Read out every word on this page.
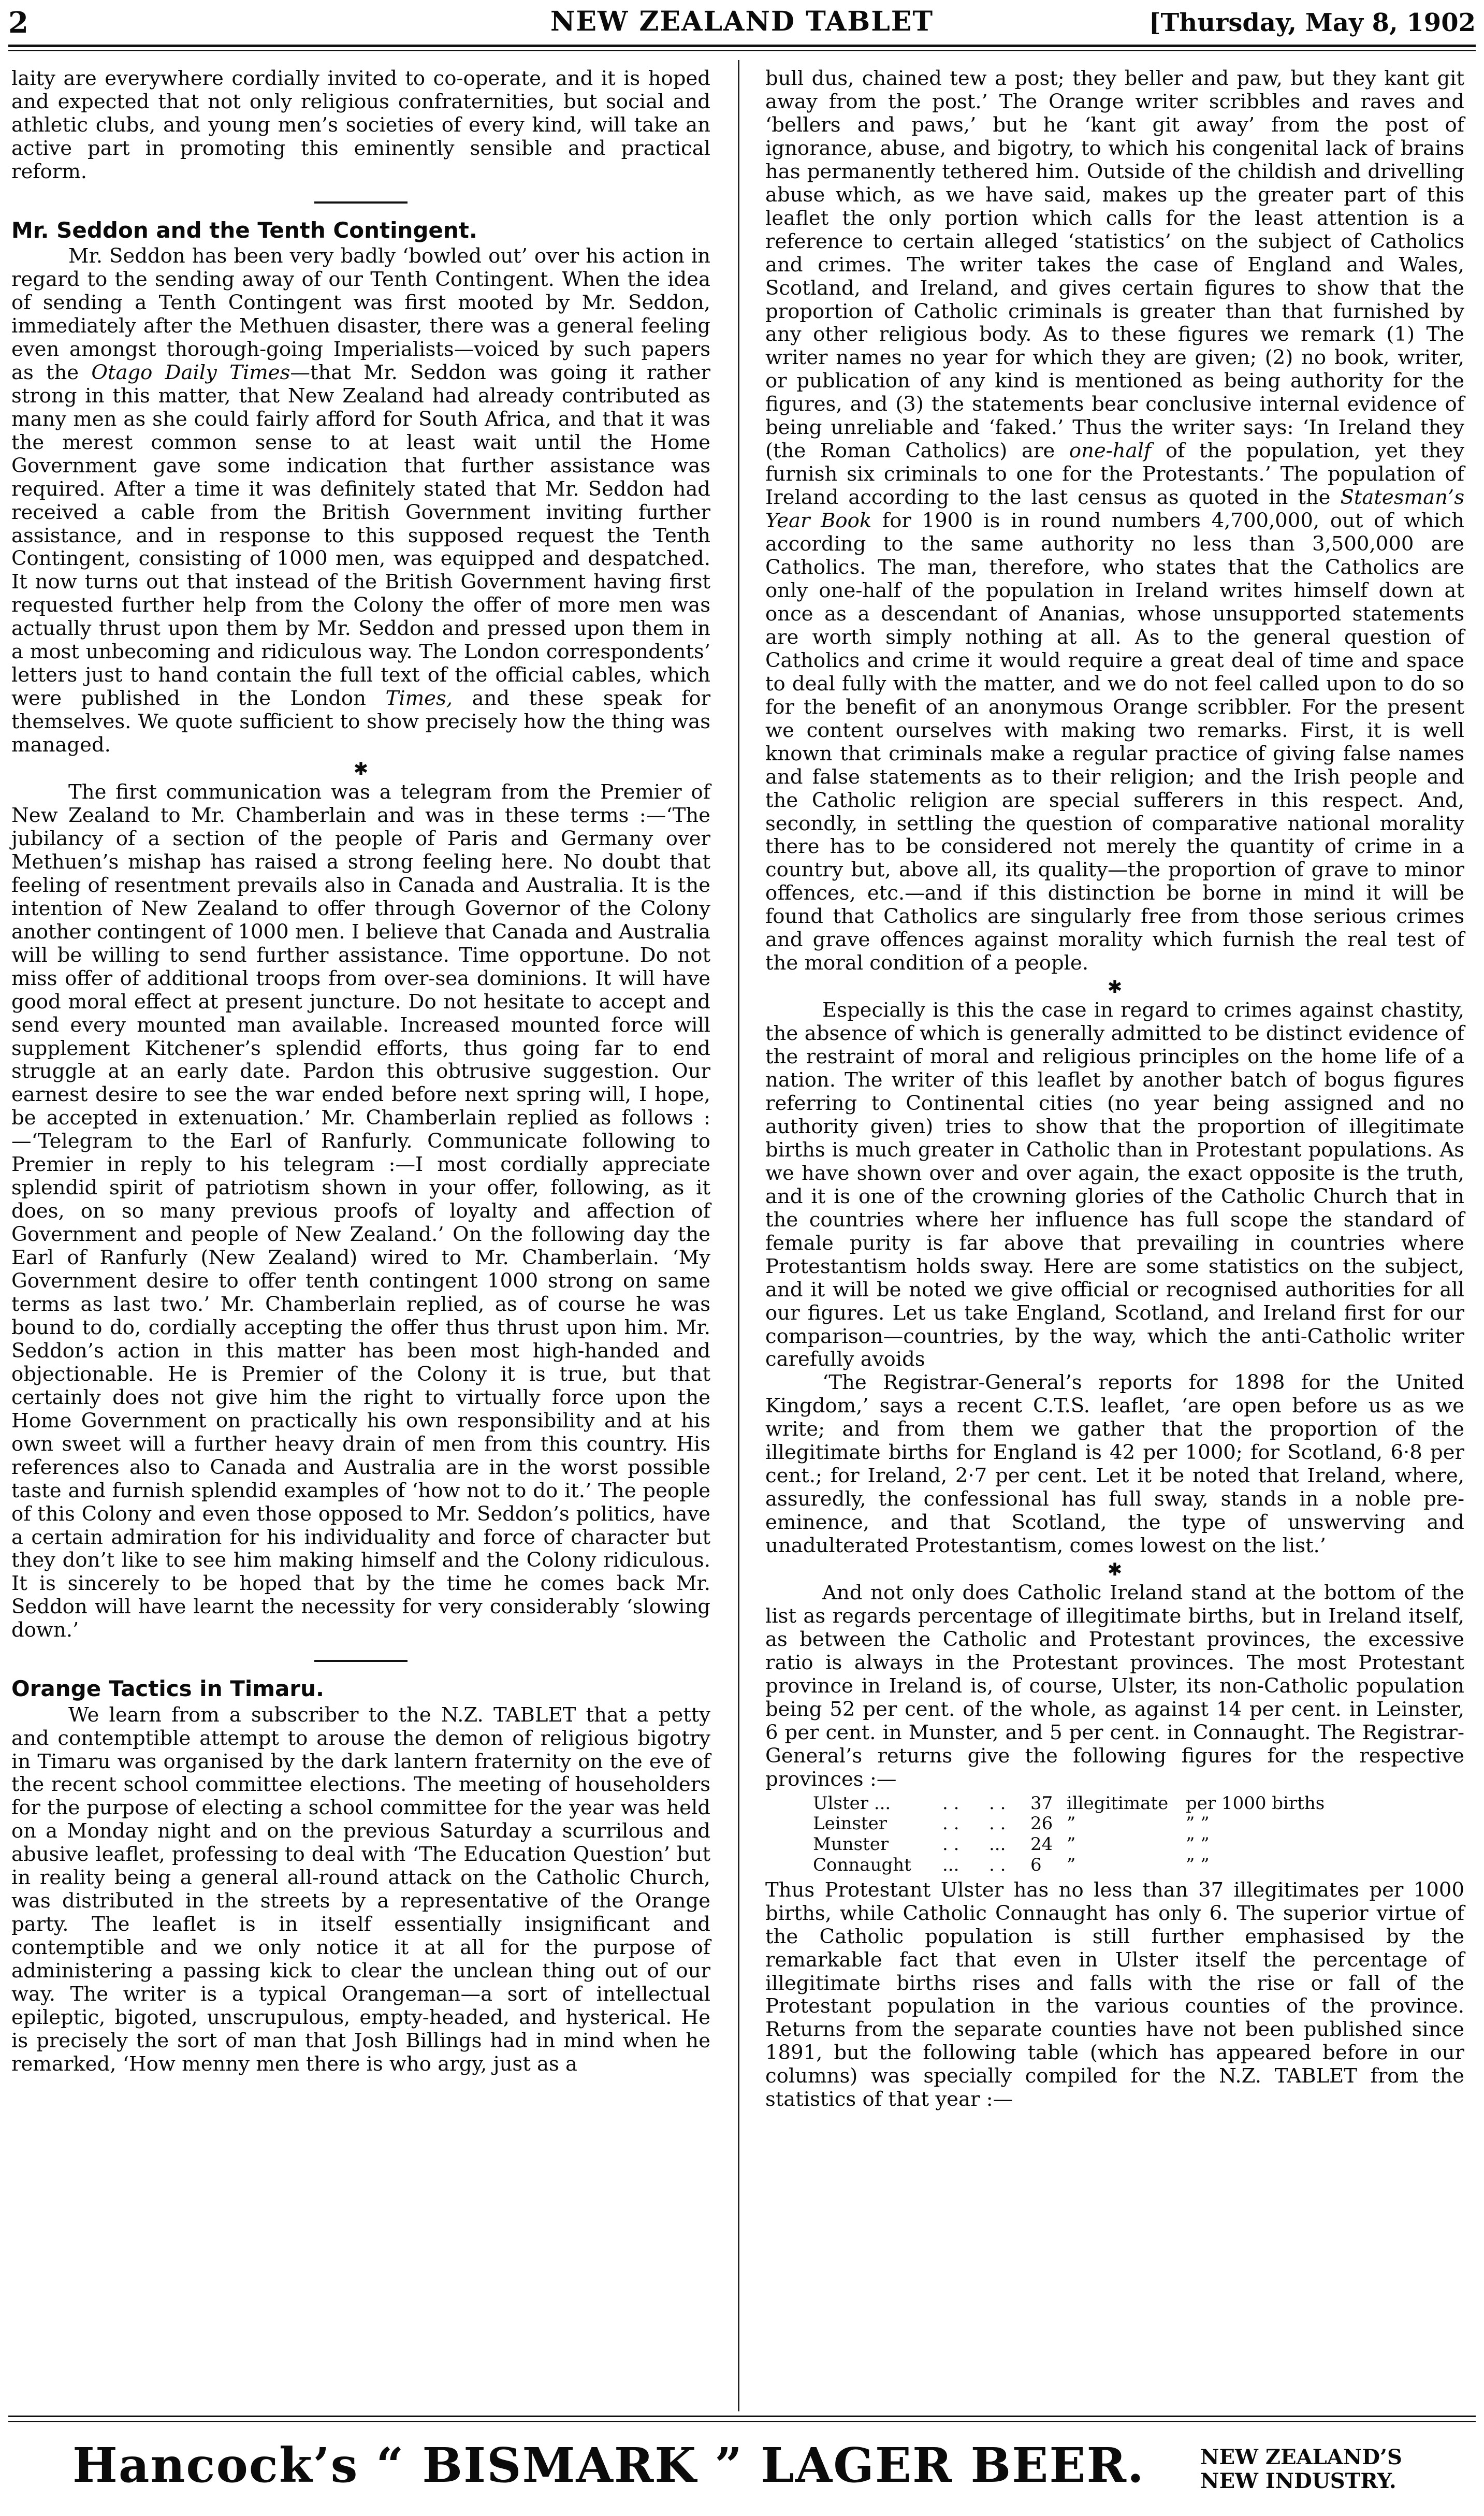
2	NEW ZEALAND TABLET	[Thursday, May 8, 1902

laity are everywhere cordially invited to co-operate, and it is hoped and expected that not only religious confraternities, but social and athletic clubs, and young men’s societies of every kind, will take an active part in promoting this eminently sensible and practical reform.

Mr. Seddon and the Tenth Contingent.

Mr. Seddon has been very badly ‘bowled out’ over his action in regard to the sending away of our Tenth Contingent. When the idea of sending a Tenth Contingent was first mooted by Mr. Seddon, immediately after the Methuen disaster, there was a general feeling even amongst thorough-going Imperialists—voiced by such papers as the Otago Daily Times—that Mr. Seddon was going it rather strong in this matter, that New Zealand had already contributed as many men as she could fairly afford for South Africa, and that it was the merest common sense to at least wait until the Home Government gave some indication that further assistance was required. After a time it was definitely stated that Mr. Seddon had received a cable from the British Government inviting further assistance, and in response to this supposed request the Tenth Contingent, consisting of 1000 men, was equipped and despatched. It now turns out that instead of the British Government having first requested further help from the Colony the offer of more men was actually thrust upon them by Mr. Seddon and pressed upon them in a most unbecoming and ridiculous way. The London correspondents’ letters just to hand contain the full text of the official cables, which were published in the London Times, and these speak for themselves. We quote sufficient to show precisely how the thing was managed.

✱

The first communication was a telegram from the Premier of New Zealand to Mr. Chamberlain and was in these terms :—‘The jubilancy of a section of the people of Paris and Germany over Methuen’s mishap has raised a strong feeling here. No doubt that feeling of resentment prevails also in Canada and Australia. It is the intention of New Zealand to offer through Governor of the Colony another contingent of 1000 men. I believe that Canada and Australia will be willing to send further assistance. Time opportune. Do not miss offer of additional troops from over-sea dominions. It will have good moral effect at present juncture. Do not hesitate to accept and send every mounted man available. Increased mounted force will supplement Kitchener’s splendid efforts, thus going far to end struggle at an early date. Pardon this obtrusive suggestion. Our earnest desire to see the war ended before next spring will, I hope, be accepted in extenuation.’ Mr. Chamberlain replied as follows :—‘Telegram to the Earl of Ranfurly. Communicate following to Premier in reply to his telegram :—I most cordially appreciate splendid spirit of patriotism shown in your offer, following, as it does, on so many previous proofs of loyalty and affection of Government and people of New Zealand.’ On the following day the Earl of Ranfurly (New Zealand) wired to Mr. Chamberlain. ‘My Government desire to offer tenth contingent 1000 strong on same terms as last two.’ Mr. Chamberlain replied, as of course he was bound to do, cordially accepting the offer thus thrust upon him. Mr. Seddon’s action in this matter has been most high-handed and objectionable. He is Premier of the Colony it is true, but that certainly does not give him the right to virtually force upon the Home Government on practically his own responsibility and at his own sweet will a further heavy drain of men from this country. His references also to Canada and Australia are in the worst possible taste and furnish splendid examples of ‘how not to do it.’ The people of this Colony and even those opposed to Mr. Seddon’s politics, have a certain admiration for his individuality and force of character but they don’t like to see him making himself and the Colony ridiculous. It is sincerely to be hoped that by the time he comes back Mr. Seddon will have learnt the necessity for very considerably ‘slowing down.’

Orange Tactics in Timaru.

We learn from a subscriber to the N.Z. TABLET that a petty and contemptible attempt to arouse the demon of religious bigotry in Timaru was organised by the dark lantern fraternity on the eve of the recent school committee elections. The meeting of householders for the purpose of electing a school committee for the year was held on a Monday night and on the previous Saturday a scurrilous and abusive leaflet, professing to deal with ‘The Education Question’ but in reality being a general all-round attack on the Catholic Church, was distributed in the streets by a representative of the Orange party. The leaflet is in itself essentially insignificant and contemptible and we only notice it at all for the purpose of administering a passing kick to clear the unclean thing out of our way. The writer is a typical Orangeman—a sort of intellectual epileptic, bigoted, unscrupulous, empty-headed, and hysterical. He is precisely the sort of man that Josh Billings had in mind when he remarked, ‘How menny men there is who argy, just as a

bull dus, chained tew a post; they beller and paw, but they kant git away from the post.’ The Orange writer scribbles and raves and ‘bellers and paws,’ but he ‘kant git away’ from the post of ignorance, abuse, and bigotry, to which his congenital lack of brains has permanently tethered him. Outside of the childish and drivelling abuse which, as we have said, makes up the greater part of this leaflet the only portion which calls for the least attention is a reference to certain alleged ‘statistics’ on the subject of Catholics and crimes. The writer takes the case of England and Wales, Scotland, and Ireland, and gives certain figures to show that the proportion of Catholic criminals is greater than that furnished by any other religious body. As to these figures we remark (1) The writer names no year for which they are given; (2) no book, writer, or publication of any kind is mentioned as being authority for the figures, and (3) the statements bear conclusive internal evidence of being unreliable and ‘faked.’ Thus the writer says: ‘In Ireland they (the Roman Catholics) are one-half of the population, yet they furnish six criminals to one for the Protestants.’ The population of Ireland according to the last census as quoted in the Statesman’s Year Book for 1900 is in round numbers 4,700,000, out of which according to the same authority no less than 3,500,000 are Catholics. The man, therefore, who states that the Catholics are only one-half of the population in Ireland writes himself down at once as a descendant of Ananias, whose unsupported statements are worth simply nothing at all. As to the general question of Catholics and crime it would require a great deal of time and space to deal fully with the matter, and we do not feel called upon to do so for the benefit of an anonymous Orange scribbler. For the present we content ourselves with making two remarks. First, it is well known that criminals make a regular practice of giving false names and false statements as to their religion; and the Irish people and the Catholic religion are special sufferers in this respect. And, secondly, in settling the question of comparative national morality there has to be considered not merely the quantity of crime in a country but, above all, its quality—the proportion of grave to minor offences, etc.—and if this distinction be borne in mind it will be found that Catholics are singularly free from those serious crimes and grave offences against morality which furnish the real test of the moral condition of a people.

✱

Especially is this the case in regard to crimes against chastity, the absence of which is generally admitted to be distinct evidence of the restraint of moral and religious principles on the home life of a nation. The writer of this leaflet by another batch of bogus figures referring to Continental cities (no year being assigned and no authority given) tries to show that the proportion of illegitimate births is much greater in Catholic than in Protestant populations. As we have shown over and over again, the exact opposite is the truth, and it is one of the crowning glories of the Catholic Church that in the countries where her influence has full scope the standard of female purity is far above that prevailing in countries where Protestantism holds sway. Here are some statistics on the subject, and it will be noted we give official or recognised authorities for all our figures. Let us take England, Scotland, and Ireland first for our comparison—countries, by the way, which the anti-Catholic writer carefully avoids

‘The Registrar-General’s reports for 1898 for the United Kingdom,’ says a recent C.T.S. leaflet, ‘are open before us as we write; and from them we gather that the proportion of the illegitimate births for England is 42 per 1000; for Scotland, 6·8 per cent.; for Ireland, 2·7 per cent. Let it be noted that Ireland, where, assuredly, the confessional has full sway, stands in a noble pre-eminence, and that Scotland, the type of unswerving and unadulterated Protestantism, comes lowest on the list.’

✱

And not only does Catholic Ireland stand at the bottom of the list as regards percentage of illegitimate births, but in Ireland itself, as between the Catholic and Protestant provinces, the excessive ratio is always in the Protestant provinces. The most Protestant province in Ireland is, of course, Ulster, its non-Catholic population being 52 per cent. of the whole, as against 14 per cent. in Leinster, 6 per cent. in Munster, and 5 per cent. in Connaught. The Registrar-General’s returns give the following figures for the respective provinces :—

Ulster ...	. .	. .	37	illegitimate	per 1000 births
Leinster	. .	. .	26	”	” ”
Munster	. .	...	24	”	” ”
Connaught	...	. .	6	”	” ”

Thus Protestant Ulster has no less than 37 illegitimates per 1000 births, while Catholic Connaught has only 6. The superior virtue of the Catholic population is still further emphasised by the remarkable fact that even in Ulster itself the percentage of illegitimate births rises and falls with the rise or fall of the Protestant population in the various counties of the province. Returns from the separate counties have not been published since 1891, but the following table (which has appeared before in our columns) was specially compiled for the N.Z. TABLET from the statistics of that year :—

Hancock’s “ BISMARK ” LAGER BEER.	NEW ZEALAND’S
NEW INDUSTRY.
